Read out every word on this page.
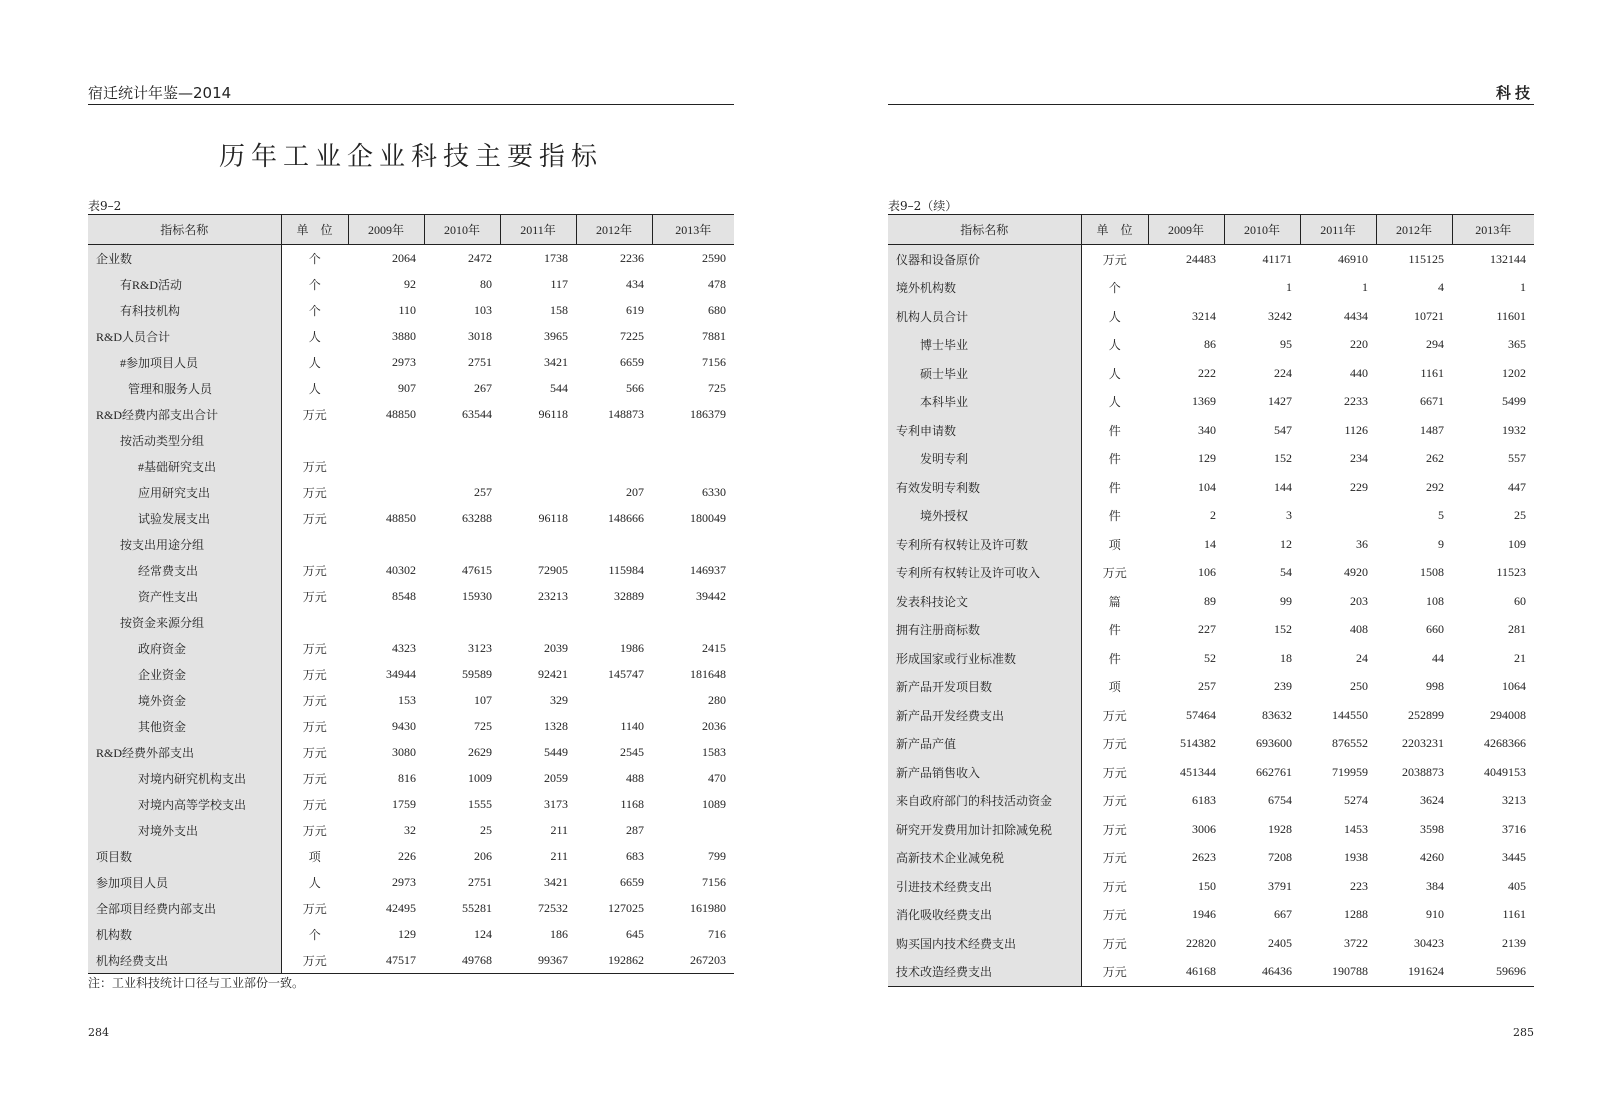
宿迁统计年鉴—2014
历年工业企业科技主要指标
表9–2
指标名称	单　位	2009年	2010年	2011年	2012年	2013年
企业数	个	2064	2472	1738	2236	2590
有R&D活动	个	92	80	117	434	478
有科技机构	个	110	103	158	619	680
R&D人员合计	人	3880	3018	3965	7225	7881
#参加项目人员	人	2973	2751	3421	6659	7156
管理和服务人员	人	907	267	544	566	725
R&D经费内部支出合计	万元	48850	63544	96118	148873	186379
按活动类型分组						
#基础研究支出	万元					
应用研究支出	万元		257		207	6330
试验发展支出	万元	48850	63288	96118	148666	180049
按支出用途分组						
经常费支出	万元	40302	47615	72905	115984	146937
资产性支出	万元	8548	15930	23213	32889	39442
按资金来源分组						
政府资金	万元	4323	3123	2039	1986	2415
企业资金	万元	34944	59589	92421	145747	181648
境外资金	万元	153	107	329		280
其他资金	万元	9430	725	1328	1140	2036
R&D经费外部支出	万元	3080	2629	5449	2545	1583
对境内研究机构支出	万元	816	1009	2059	488	470
对境内高等学校支出	万元	1759	1555	3173	1168	1089
对境外支出	万元	32	25	211	287	
项目数	项	226	206	211	683	799
参加项目人员	人	2973	2751	3421	6659	7156
全部项目经费内部支出	万元	42495	55281	72532	127025	161980
机构数	个	129	124	186	645	716
机构经费支出	万元	47517	49768	99367	192862	267203
注：工业科技统计口径与工业部份一致。
284
科技
表9–2（续）
指标名称	单　位	2009年	2010年	2011年	2012年	2013年
仪器和设备原价	万元	24483	41171	46910	115125	132144
境外机构数	个		1	1	4	1
机构人员合计	人	3214	3242	4434	10721	11601
博士毕业	人	86	95	220	294	365
硕士毕业	人	222	224	440	1161	1202
本科毕业	人	1369	1427	2233	6671	5499
专利申请数	件	340	547	1126	1487	1932
发明专利	件	129	152	234	262	557
有效发明专利数	件	104	144	229	292	447
境外授权	件	2	3		5	25
专利所有权转让及许可数	项	14	12	36	9	109
专利所有权转让及许可收入	万元	106	54	4920	1508	11523
发表科技论文	篇	89	99	203	108	60
拥有注册商标数	件	227	152	408	660	281
形成国家或行业标准数	件	52	18	24	44	21
新产品开发项目数	项	257	239	250	998	1064
新产品开发经费支出	万元	57464	83632	144550	252899	294008
新产品产值	万元	514382	693600	876552	2203231	4268366
新产品销售收入	万元	451344	662761	719959	2038873	4049153
来自政府部门的科技活动资金	万元	6183	6754	5274	3624	3213
研究开发费用加计扣除减免税	万元	3006	1928	1453	3598	3716
高新技术企业减免税	万元	2623	7208	1938	4260	3445
引进技术经费支出	万元	150	3791	223	384	405
消化吸收经费支出	万元	1946	667	1288	910	1161
购买国内技术经费支出	万元	22820	2405	3722	30423	2139
技术改造经费支出	万元	46168	46436	190788	191624	59696
285
